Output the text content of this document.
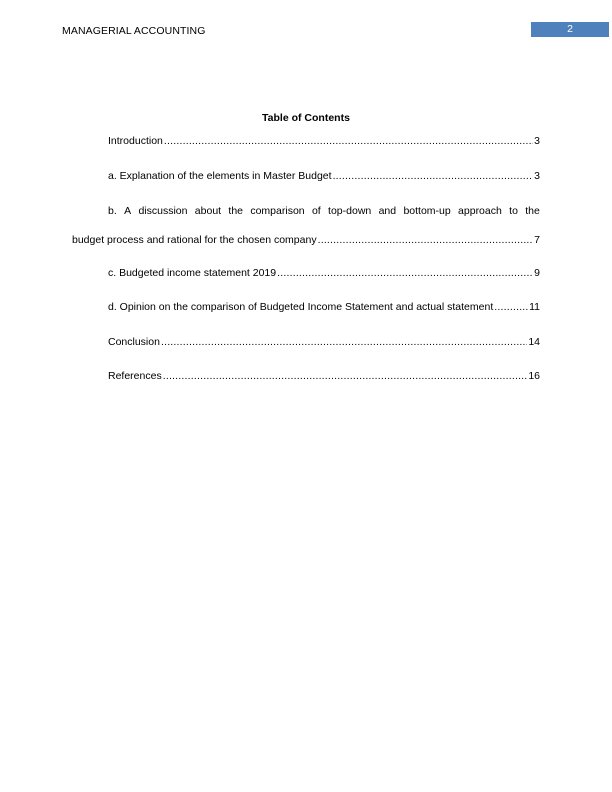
MANAGERIAL ACCOUNTING	2
Table of Contents
Introduction .....	3
a. Explanation of the elements in Master Budget .....	3
b. A discussion about the comparison of top-down and bottom-up approach to the
budget process and rational for the chosen company .....	7
c. Budgeted income statement 2019 .....	9
d. Opinion on the comparison of Budgeted Income Statement and actual statement .....	11
Conclusion .....	14
References .....	16
